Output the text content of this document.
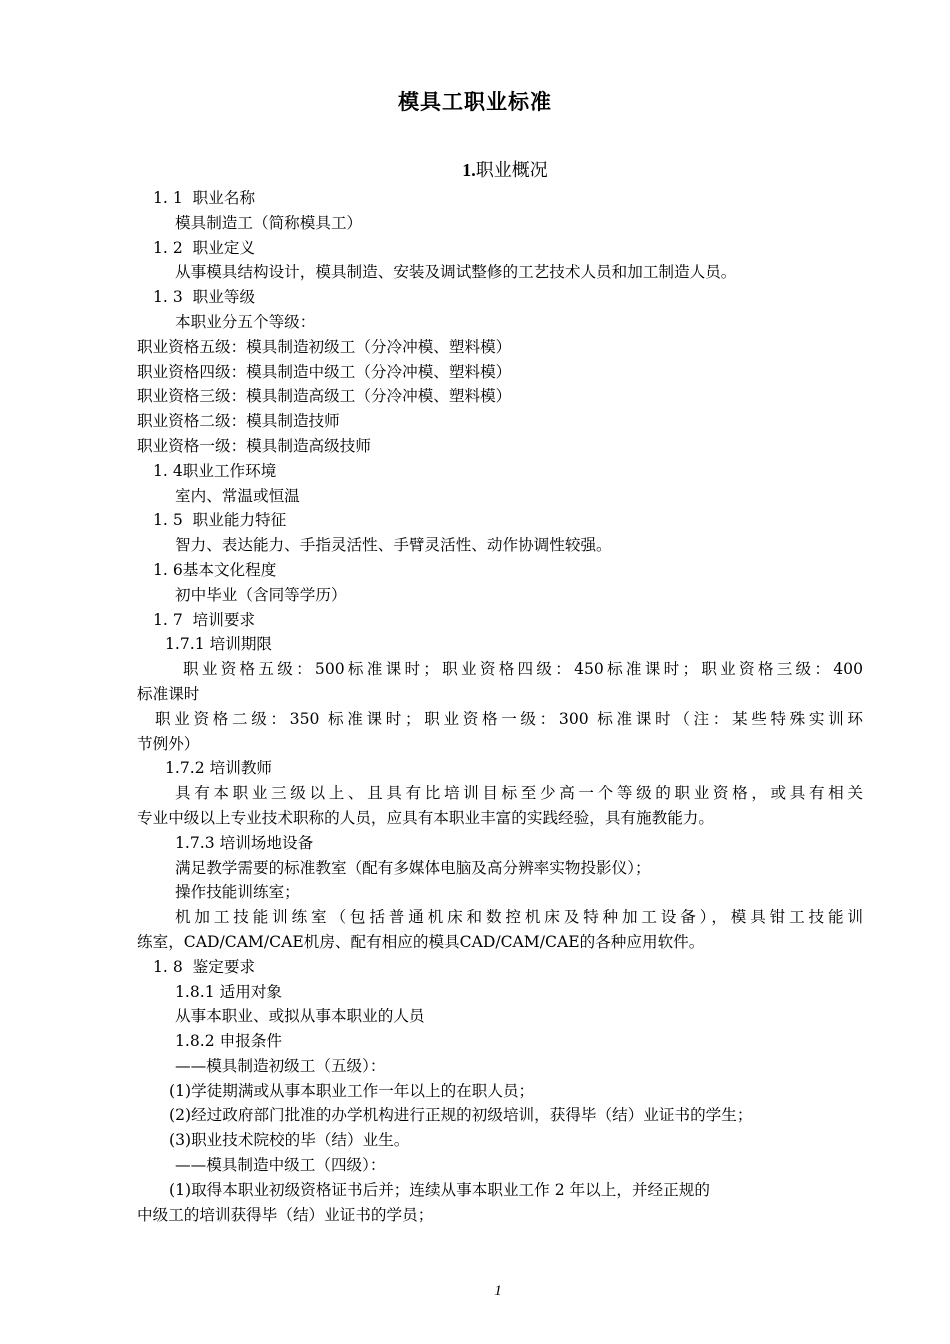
模具工职业标准
1.职业概况
1. 1  职业名称
模具制造工（简称模具工）
1. 2  职业定义
从事模具结构设计，模具制造、安装及调试整修的工艺技术人员和加工制造人员。
1. 3  职业等级
本职业分五个等级：
职业资格五级：模具制造初级工（分冷冲模、塑料模）
职业资格四级：模具制造中级工（分冷冲模、塑料模）
职业资格三级：模具制造高级工（分冷冲模、塑料模）
职业资格二级：模具制造技师
职业资格一级：模具制造高级技师
1. 4职业工作环境
室内、常温或恒温
1. 5  职业能力特征
智力、表达能力、手指灵活性、手臂灵活性、动作协调性较强。
1. 6基本文化程度
初中毕业（含同等学历）
1. 7  培训要求
1.7.1 培训期限
职业资格五级：500标准课时；职业资格四级：450标准课时；职业资格三级：400
标准课时
职业资格二级：350 标准课时；职业资格一级：300 标准课时（注：某些特殊实训环
节例外）
1.7.2 培训教师
具有本职业三级以上、且具有比培训目标至少高一个等级的职业资格，或具有相关
专业中级以上专业技术职称的人员，应具有本职业丰富的实践经验，具有施教能力。
1.7.3 培训场地设备
满足教学需要的标准教室（配有多媒体电脑及高分辨率实物投影仪）；
操作技能训练室；
机加工技能训练室（包括普通机床和数控机床及特种加工设备），模具钳工技能训
练室，CAD/CAM/CAE机房、配有相应的模具CAD/CAM/CAE的各种应用软件。
1. 8  鉴定要求
1.8.1 适用对象
从事本职业、或拟从事本职业的人员
1.8.2 申报条件
——模具制造初级工（五级）：
(1)学徒期满或从事本职业工作一年以上的在职人员；
(2)经过政府部门批准的办学机构进行正规的初级培训，获得毕（结）业证书的学生；
(3)职业技术院校的毕（结）业生。
——模具制造中级工（四级）：
(1)取得本职业初级资格证书后并；连续从事本职业工作 2 年以上，并经正规的
中级工的培训获得毕（结）业证书的学员；
1
